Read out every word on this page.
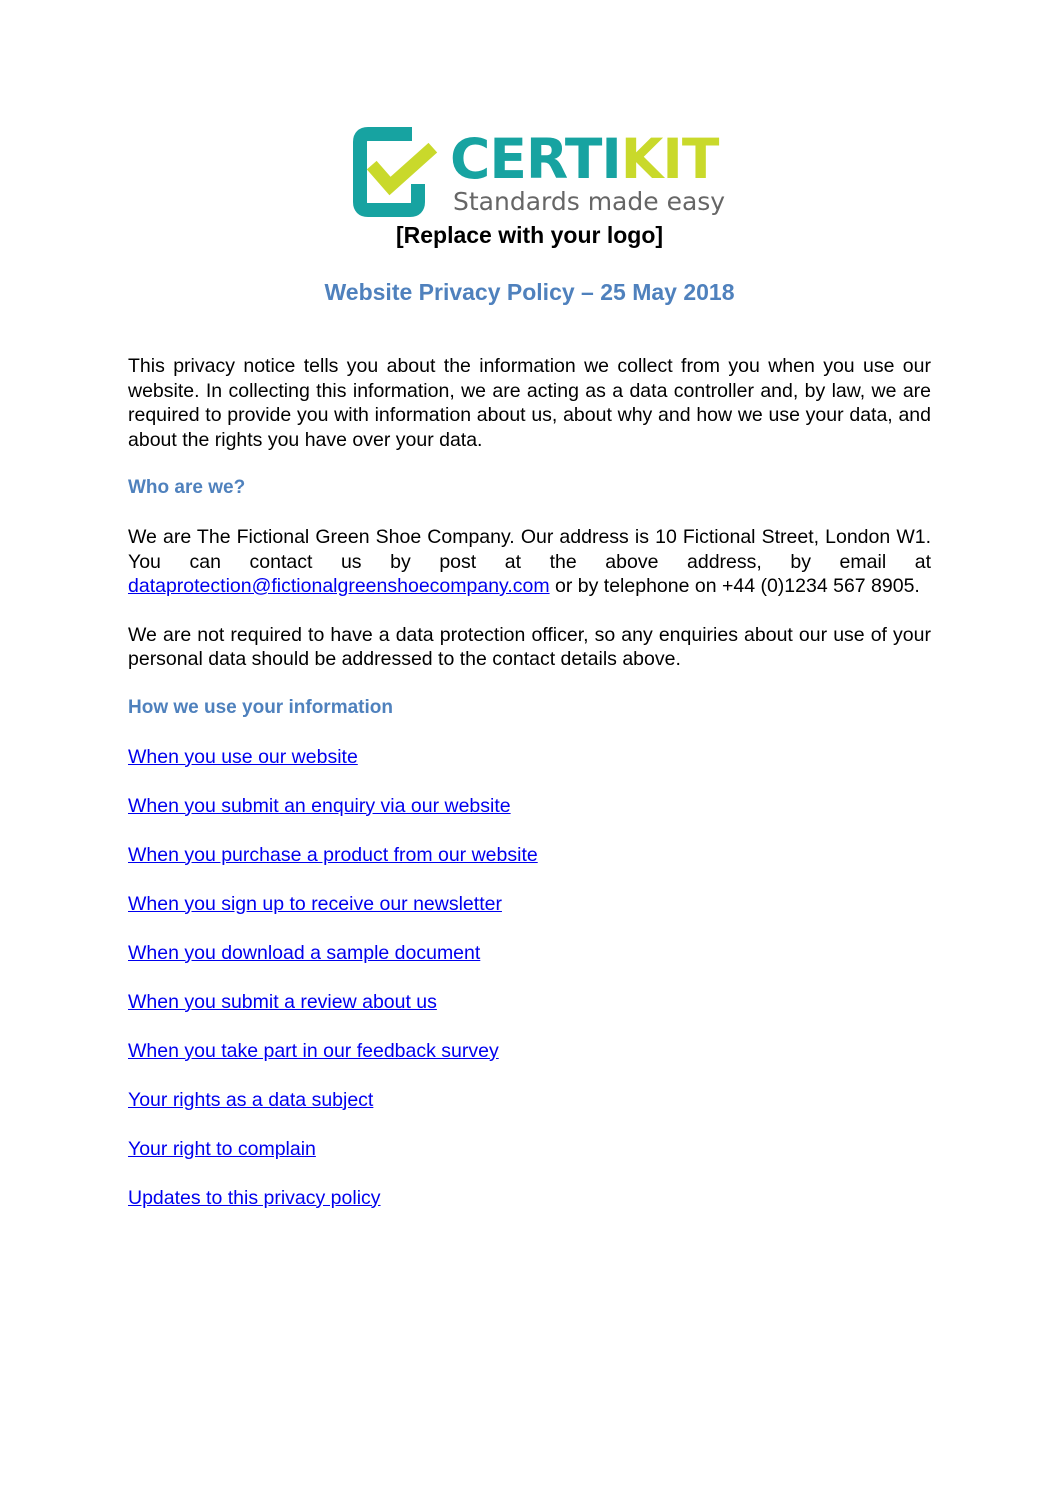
CERTIKIT
Standards made easy
[Replace with your logo]
Website Privacy Policy – 25 May 2018

This privacy notice tells you about the information we collect from you when you use our website. In collecting this information, we are acting as a data controller and, by law, we are required to provide you with information about us, about why and how we use your data, and about the rights you have over your data.

Who are we?

We are The Fictional Green Shoe Company. Our address is 10 Fictional Street, London W1. You can contact us by post at the above address, by email at dataprotection@fictionalgreenshoecompany.com or by telephone on +44 (0)1234 567 8905.

We are not required to have a data protection officer, so any enquiries about our use of your personal data should be addressed to the contact details above.

How we use your information
When you use our website
When you submit an enquiry via our website
When you purchase a product from our website
When you sign up to receive our newsletter
When you download a sample document
When you submit a review about us
When you take part in our feedback survey
Your rights as a data subject
Your right to complain
Updates to this privacy policy
